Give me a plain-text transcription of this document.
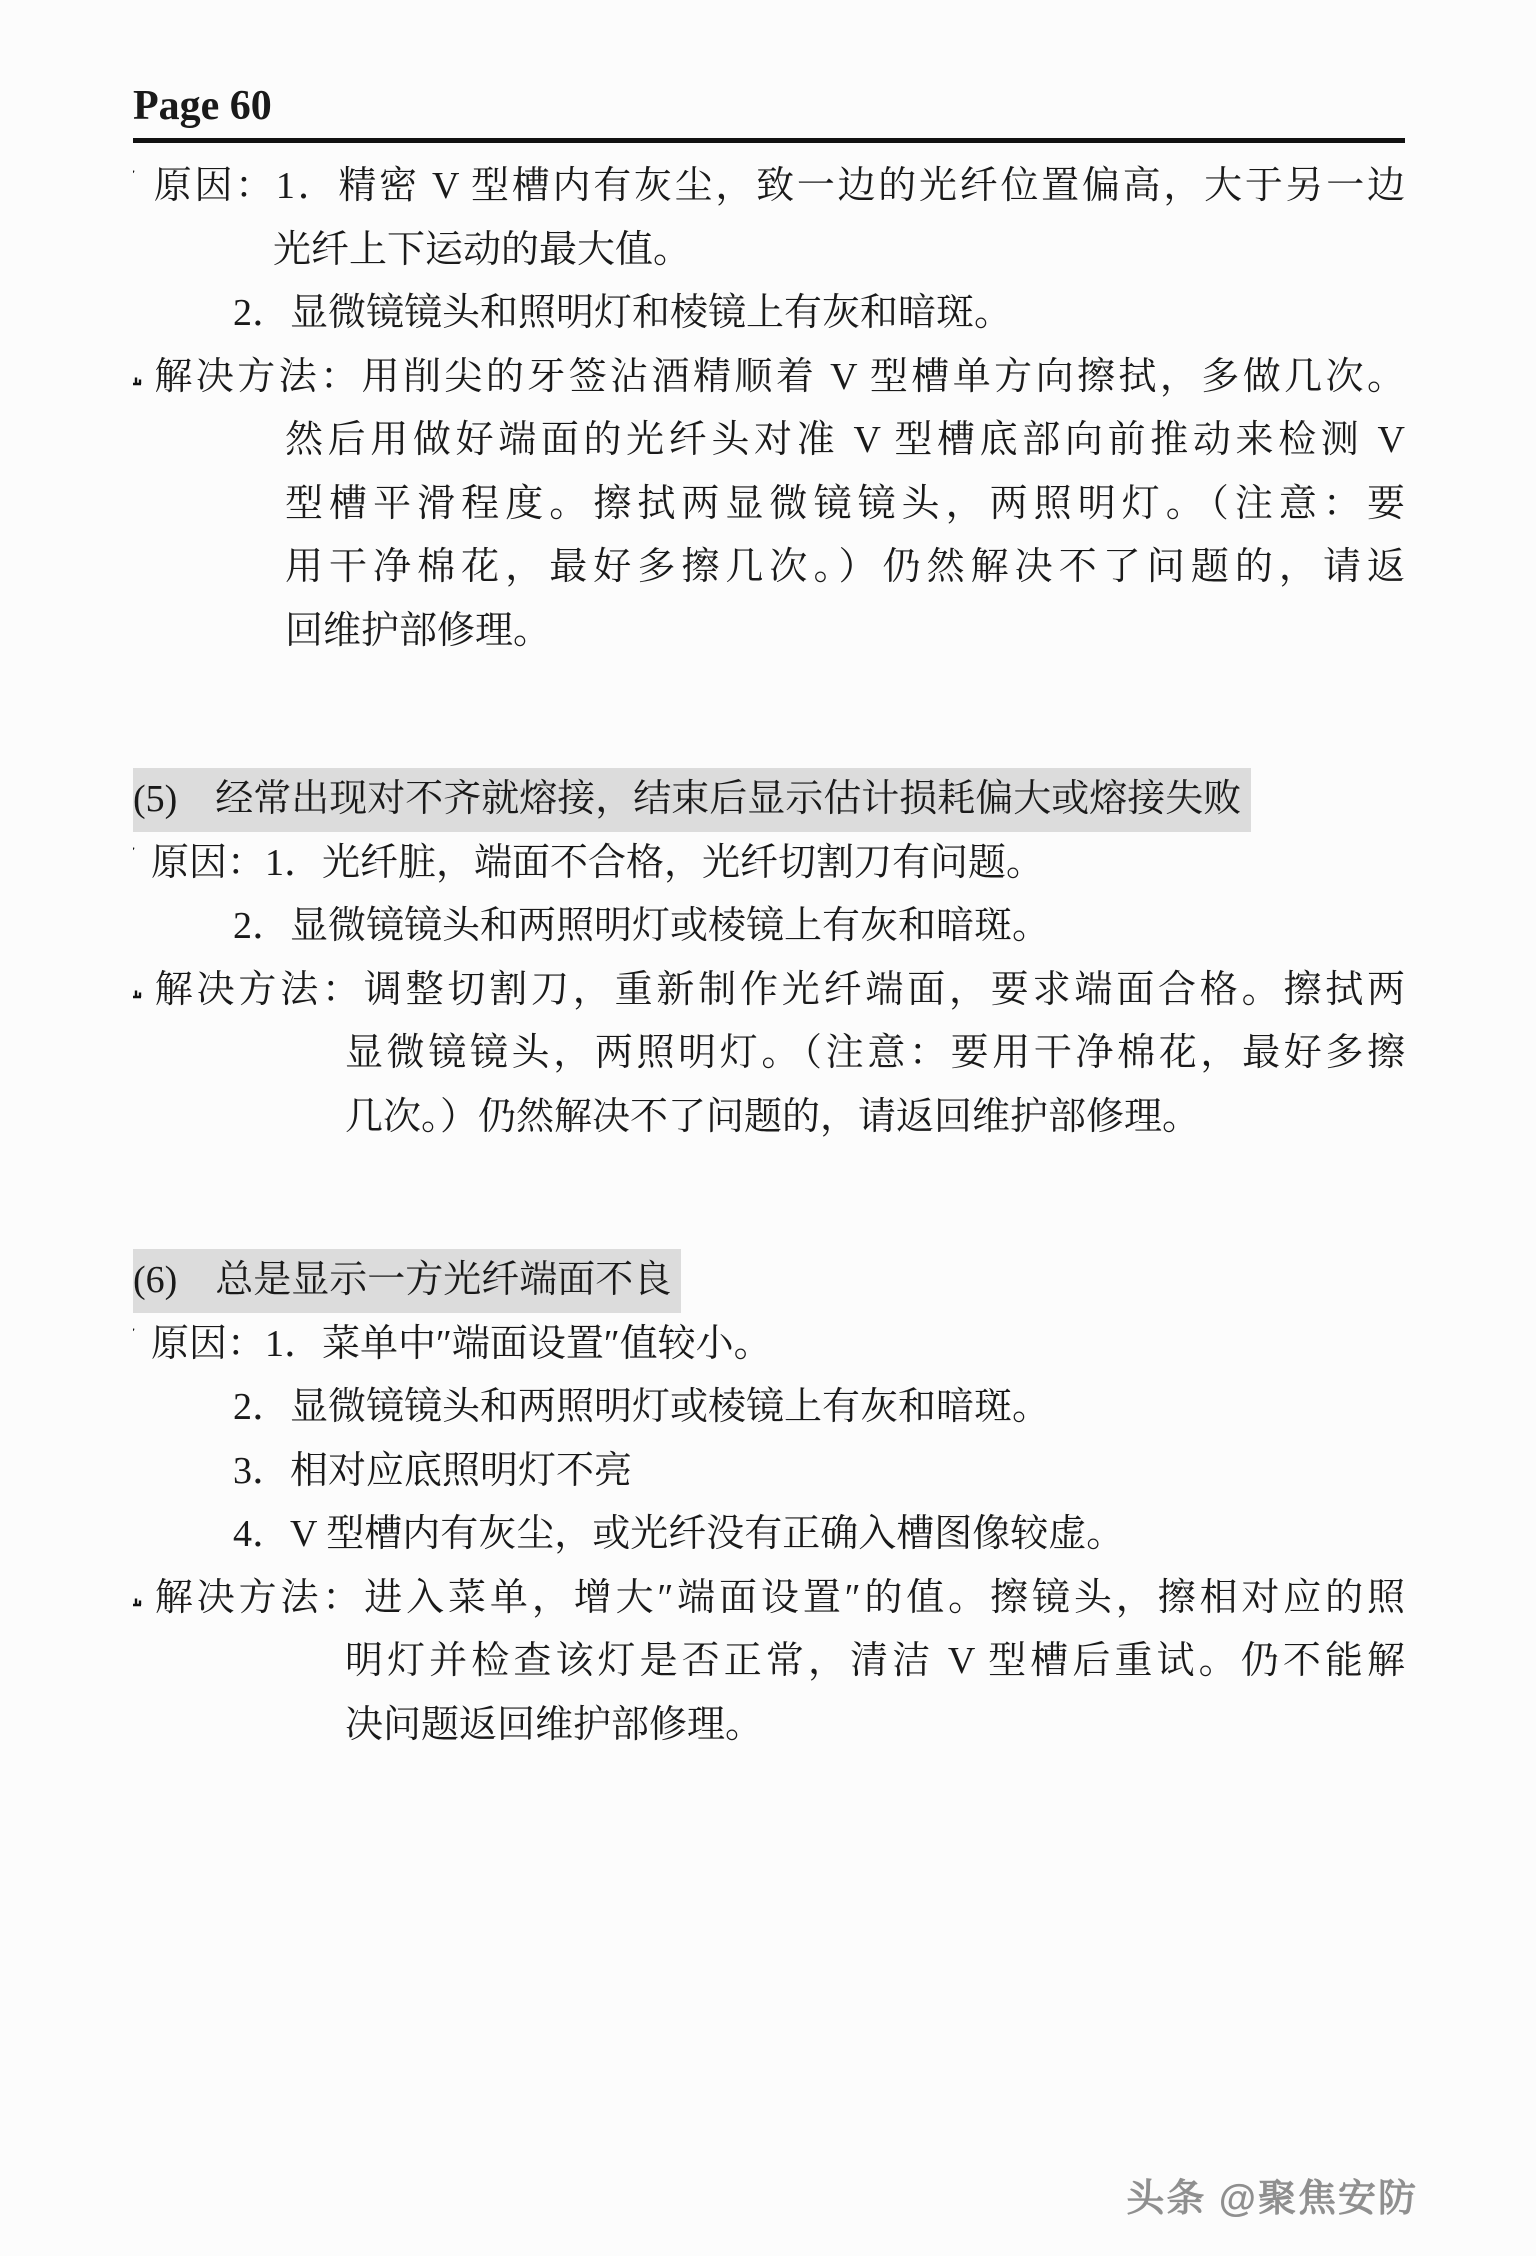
Page 60
原因：1．精密 V 型槽内有灰尘，致一边的光纤位置偏高，大于另一边
光纤上下运动的最大值。
2．显微镜镜头和照明灯和棱镜上有灰和暗斑。
解决方法：用削尖的牙签沾酒精顺着 V 型槽单方向擦拭，多做几次。
然后用做好端面的光纤头对准 V 型槽底部向前推动来检测 V
型槽平滑程度。擦拭两显微镜镜头，两照明灯。（注意：要
用干净棉花，最好多擦几次。）仍然解决不了问题的，请返
回维护部修理。
(5)　经常出现对不齐就熔接，结束后显示估计损耗偏大或熔接失败
原因：1．光纤脏，端面不合格，光纤切割刀有问题。
2．显微镜镜头和两照明灯或棱镜上有灰和暗斑。
解决方法：调整切割刀，重新制作光纤端面，要求端面合格。擦拭两
显微镜镜头，两照明灯。（注意：要用干净棉花，最好多擦
几次。）仍然解决不了问题的，请返回维护部修理。
(6)　总是显示一方光纤端面不良
原因：1．菜单中″端面设置″值较小。
2．显微镜镜头和两照明灯或棱镜上有灰和暗斑。
3．相对应底照明灯不亮
4．V 型槽内有灰尘，或光纤没有正确入槽图像较虚。
解决方法：进入菜单，增大″端面设置″的值。擦镜头，擦相对应的照
明灯并检查该灯是否正常，清洁 V 型槽后重试。仍不能解
决问题返回维护部修理。
头条 @聚焦安防
